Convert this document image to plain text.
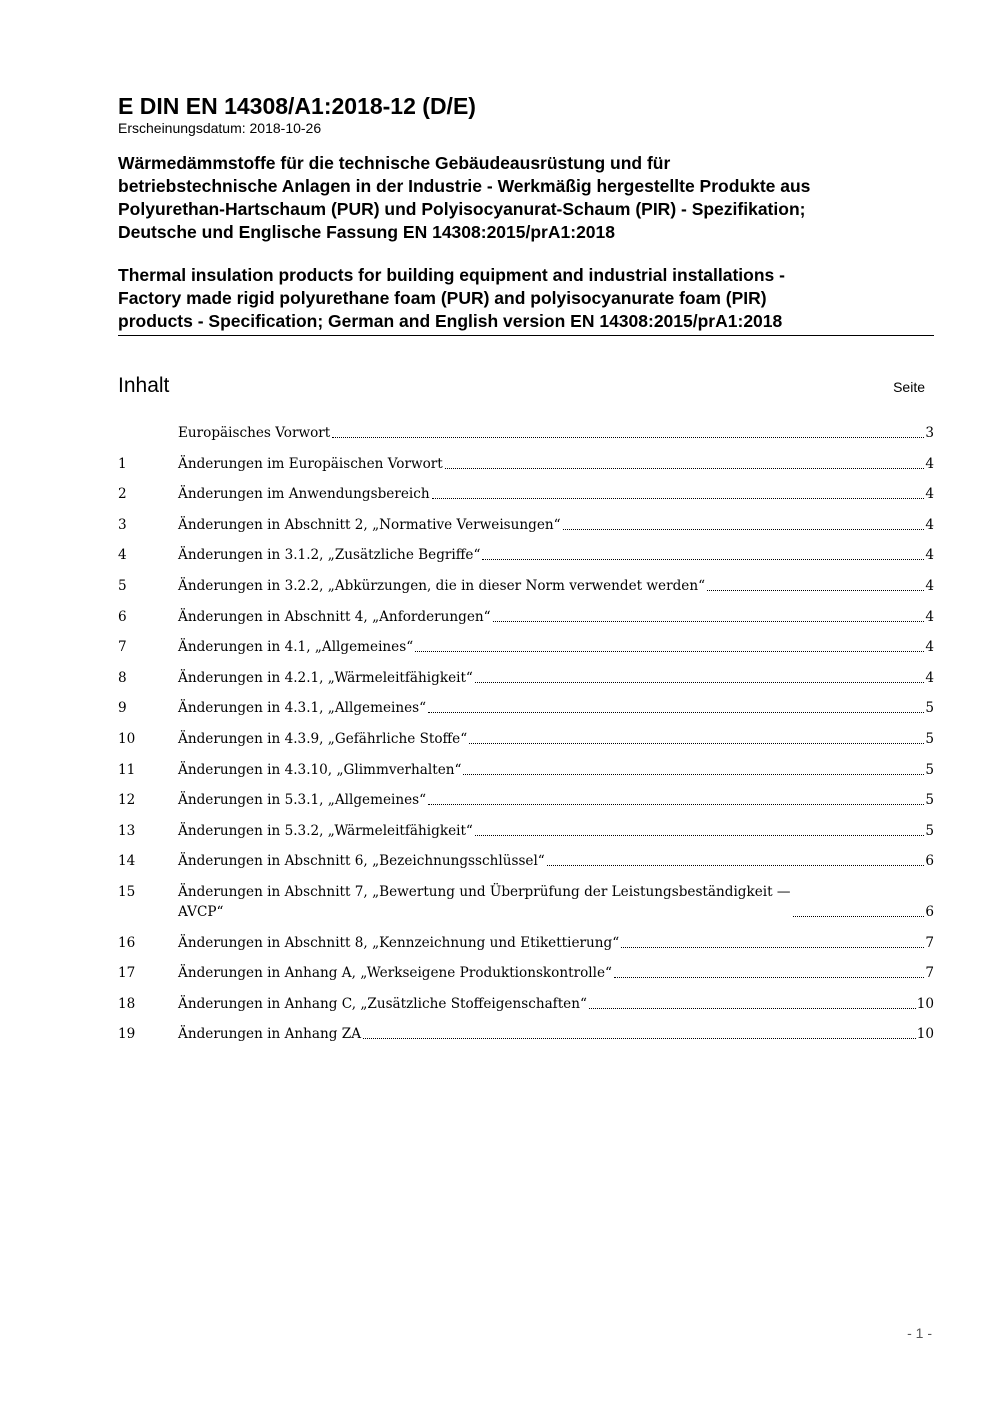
E DIN EN 14308/A1:2018-12 (D/E)

Erscheinungsdatum: 2018-10-26

Wärmedämmstoffe für die technische Gebäudeausrüstung und für
betriebstechnische Anlagen in der Industrie - Werkmäßig hergestellte Produkte aus
Polyurethan-Hartschaum (PUR) und Polyisocyanurat-Schaum (PIR) - Spezifikation;
Deutsche und Englische Fassung EN 14308:2015/prA1:2018

Thermal insulation products for building equipment and industrial installations -
Factory made rigid polyurethane foam (PUR) and polyisocyanurate foam (PIR)
products - Specification; German and English version EN 14308:2015/prA1:2018

Inhalt	Seite
Europäisches Vorwort	3
1	Änderungen im Europäischen Vorwort	4
2	Änderungen im Anwendungsbereich	4
3	Änderungen in Abschnitt 2, „Normative Verweisungen“	4
4	Änderungen in 3.1.2, „Zusätzliche Begriffe“	4
5	Änderungen in 3.2.2, „Abkürzungen, die in dieser Norm verwendet werden“	4
6	Änderungen in Abschnitt 4, „Anforderungen“	4
7	Änderungen in 4.1, „Allgemeines“	4
8	Änderungen in 4.2.1, „Wärmeleitfähigkeit“	4
9	Änderungen in 4.3.1, „Allgemeines“	5
10	Änderungen in 4.3.9, „Gefährliche Stoffe“	5
11	Änderungen in 4.3.10, „Glimmverhalten“	5
12	Änderungen in 5.3.1, „Allgemeines“	5
13	Änderungen in 5.3.2, „Wärmeleitfähigkeit“	5
14	Änderungen in Abschnitt 6, „Bezeichnungsschlüssel“	6
15	Änderungen in Abschnitt 7, „Bewertung und Überprüfung der Leistungsbeständigkeit —
AVCP“	6
16	Änderungen in Abschnitt 8, „Kennzeichnung und Etikettierung“	7
17	Änderungen in Anhang A, „Werkseigene Produktionskontrolle“	7
18	Änderungen in Anhang C, „Zusätzliche Stoffeigenschaften“	10
19	Änderungen in Anhang ZA	10
- 1 -
